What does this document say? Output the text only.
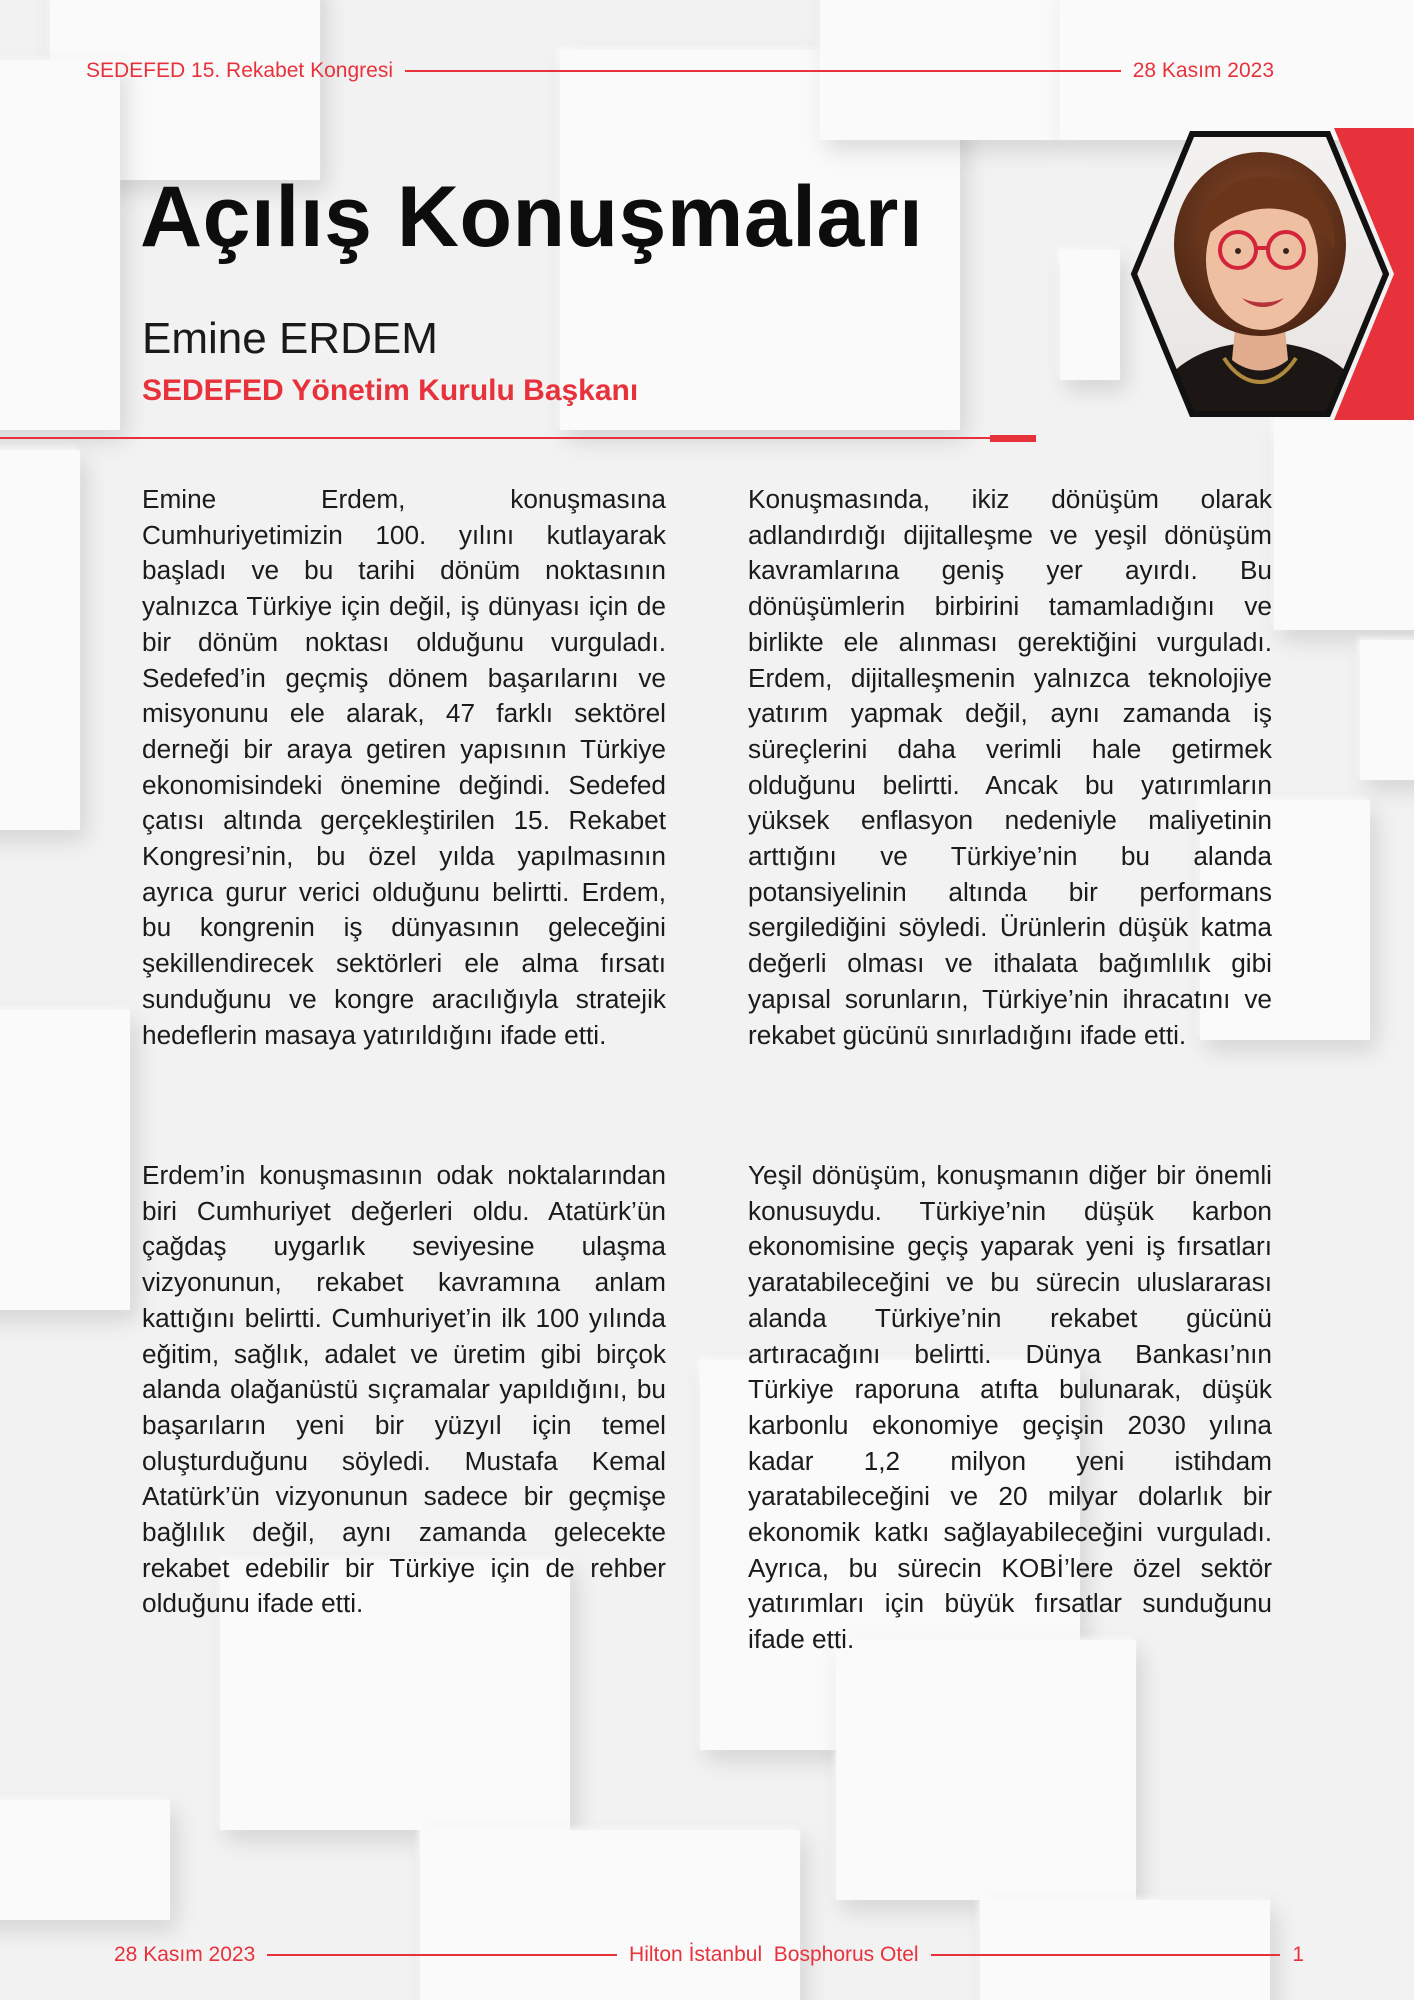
SEDEFED 15. Rekabet Kongresi	28 Kasım 2023
Açılış Konuşmaları
Emine ERDEM
SEDEFED Yönetim Kurulu Başkanı

Emine Erdem, konuşmasına Cumhuriyetimizin 100. yılını kutlayarak başladı ve bu tarihi dönüm noktasının yalnızca Türkiye için değil, iş dünyası için de bir dönüm noktası olduğunu vurguladı. Sedefed’in geçmiş dönem başarılarını ve misyonunu ele alarak, 47 farklı sektörel derneği bir araya getiren yapısının Türkiye ekonomisindeki önemine değindi. Sedefed çatısı altında gerçekleştirilen 15. Rekabet Kongresi’nin, bu özel yılda yapılmasının ayrıca gurur verici olduğunu belirtti. Erdem, bu kongrenin iş dünyasının geleceğini şekillendirecek sektörleri ele alma fırsatı sunduğunu ve kongre aracılığıyla stratejik hedeflerin masaya yatırıldığını ifade etti.

Konuşmasında, ikiz dönüşüm olarak adlandırdığı dijitalleşme ve yeşil dönüşüm kavramlarına geniş yer ayırdı. Bu dönüşümlerin birbirini tamamladığını ve birlikte ele alınması gerektiğini vurguladı. Erdem, dijitalleşmenin yalnızca teknolojiye yatırım yapmak değil, aynı zamanda iş süreçlerini daha verimli hale getirmek olduğunu belirtti. Ancak bu yatırımların yüksek enflasyon nedeniyle maliyetinin arttığını ve Türkiye’nin bu alanda potansiyelinin altında bir performans sergilediğini söyledi. Ürünlerin düşük katma değerli olması ve ithalata bağımlılık gibi yapısal sorunların, Türkiye’nin ihracatını ve rekabet gücünü sınırladığını ifade etti.

Erdem’in konuşmasının odak noktalarından biri Cumhuriyet değerleri oldu. Atatürk’ün çağdaş uygarlık seviyesine ulaşma vizyonunun, rekabet kavramına anlam kattığını belirtti. Cumhuriyet’in ilk 100 yılında eğitim, sağlık, adalet ve üretim gibi birçok alanda olağanüstü sıçramalar yapıldığını, bu başarıların yeni bir yüzyıl için temel oluşturduğunu söyledi. Mustafa Kemal Atatürk’ün vizyonunun sadece bir geçmişe bağlılık değil, aynı zamanda gelecekte rekabet edebilir bir Türkiye için de rehber olduğunu ifade etti.

Yeşil dönüşüm, konuşmanın diğer bir önemli konusuydu. Türkiye’nin düşük karbon ekonomisine geçiş yaparak yeni iş fırsatları yaratabileceğini ve bu sürecin uluslararası alanda Türkiye’nin rekabet gücünü artıracağını belirtti. Dünya Bankası’nın Türkiye raporuna atıfta bulunarak, düşük karbonlu ekonomiye geçişin 2030 yılına kadar 1,2 milyon yeni istihdam yaratabileceğini ve 20 milyar dolarlık bir ekonomik katkı sağlayabileceğini vurguladı. Ayrıca, bu sürecin KOBİ’lere özel sektör yatırımları için büyük fırsatlar sunduğunu ifade etti.

28 Kasım 2023	Hilton İstanbul  Bosphorus Otel	1
